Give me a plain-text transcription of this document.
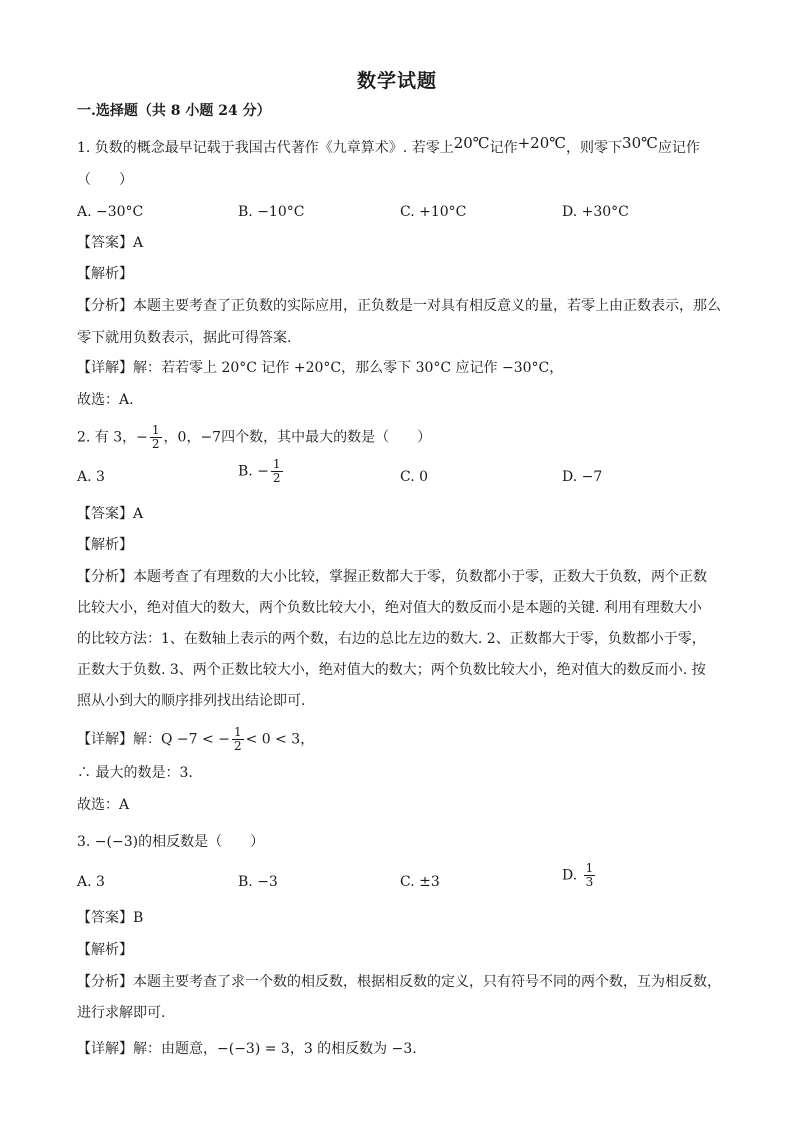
数学试题
一.选择题（共 8 小题 24 分）
1. 负数的概念最早记载于我国古代著作《九章算术》. 若零上20℃记作+20℃，则零下30℃应记作
（　　）
A. −30°C	B. −10°C	C. +10°C	D. +30°C
【答案】A
【解析】
【分析】本题主要考查了正负数的实际应用，正负数是一对具有相反意义的量，若零上由正数表示，那么
零下就用负数表示，据此可得答案.
【详解】解：若若零上 20°C 记作 +20°C，那么零下 30°C 应记作 −30°C，
故选：A.
2. 有 3，− $\frac{1}{2}$ ，0，−7四个数，其中最大的数是（　　）
A. 3	B. − $\frac{1}{2}$	C. 0	D. −7
【答案】A
【解析】
【分析】本题考查了有理数的大小比较，掌握正数都大于零，负数都小于零，正数大于负数，两个正数
比较大小，绝对值大的数大，两个负数比较大小，绝对值大的数反而小是本题的关键. 利用有理数大小
的比较方法：1、在数轴上表示的两个数，右边的总比左边的数大. 2、正数都大于零，负数都小于零，
正数大于负数. 3、两个正数比较大小，绝对值大的数大；两个负数比较大小，绝对值大的数反而小. 按
照从小到大的顺序排列找出结论即可.
【详解】解：Q −7 < − $\frac{1}{2} < 0 < 3$，
∴ 最大的数是：3.
故选：A
3. −(−3)的相反数是（　　）
A. 3	B. −3	C. ±3	D. $\frac{1}{3}$
【答案】B
【解析】
【分析】本题主要考查了求一个数的相反数，根据相反数的定义，只有符号不同的两个数，互为相反数，
进行求解即可.
【详解】解：由题意，−(−3) = 3，3 的相反数为 −3.
